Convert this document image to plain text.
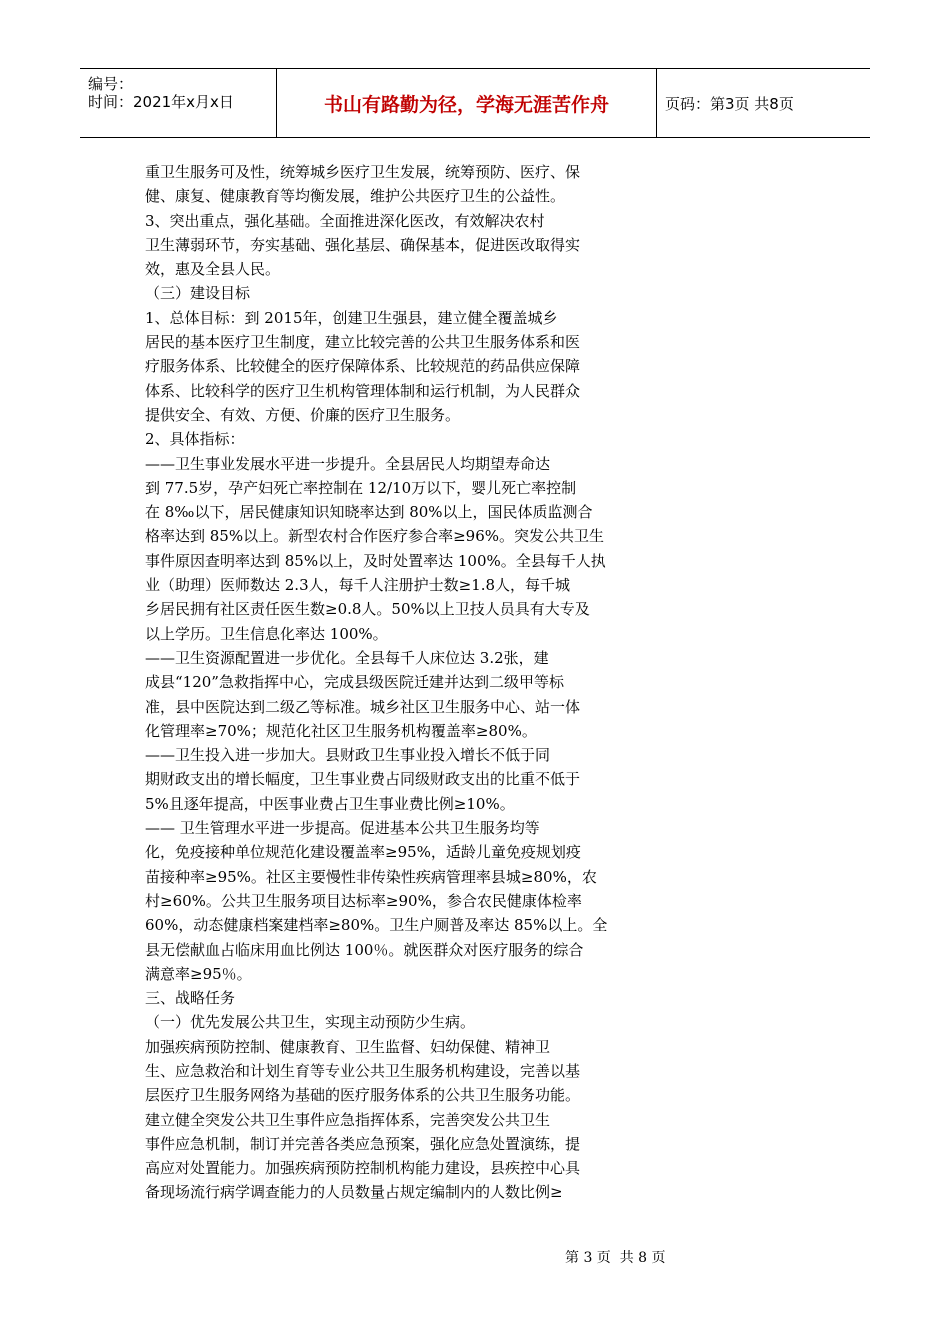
编号：
时间：2021年x月x日	书山有路勤为径，学海无涯苦作舟	页码：第3页 共8页
重卫生服务可及性，统筹城乡医疗卫生发展，统筹预防、医疗、保
健、康复、健康教育等均衡发展，维护公共医疗卫生的公益性。
3、突出重点，强化基础。全面推进深化医改，有效解决农村
卫生薄弱环节，夯实基础、强化基层、确保基本，促进医改取得实
效，惠及全县人民。
（三）建设目标
1、总体目标：到 2015年，创建卫生强县，建立健全覆盖城乡
居民的基本医疗卫生制度，建立比较完善的公共卫生服务体系和医
疗服务体系、比较健全的医疗保障体系、比较规范的药品供应保障
体系、比较科学的医疗卫生机构管理体制和运行机制，为人民群众
提供安全、有效、方便、价廉的医疗卫生服务。
2、具体指标：
——卫生事业发展水平进一步提升。全县居民人均期望寿命达
到 77.5岁，孕产妇死亡率控制在 12/10万以下，婴儿死亡率控制
在 8‰以下，居民健康知识知晓率达到 80%以上，国民体质监测合
格率达到 85%以上。新型农村合作医疗参合率≥96%。突发公共卫生
事件原因查明率达到 85%以上，及时处置率达 100%。全县每千人执
业（助理）医师数达 2.3人，每千人注册护士数≥1.8人，每千城
乡居民拥有社区责任医生数≥0.8人。50%以上卫技人员具有大专及
以上学历。卫生信息化率达 100%。
——卫生资源配置进一步优化。全县每千人床位达 3.2张，建
成县“120”急救指挥中心，完成县级医院迁建并达到二级甲等标
准，县中医院达到二级乙等标准。城乡社区卫生服务中心、站一体
化管理率≥70%；规范化社区卫生服务机构覆盖率≥80%。
——卫生投入进一步加大。县财政卫生事业投入增长不低于同
期财政支出的增长幅度，卫生事业费占同级财政支出的比重不低于
5%且逐年提高，中医事业费占卫生事业费比例≥10%。
—— 卫生管理水平进一步提高。促进基本公共卫生服务均等
化，免疫接种单位规范化建设覆盖率≥95%，适龄儿童免疫规划疫
苗接种率≥95%。社区主要慢性非传染性疾病管理率县城≥80%，农
村≥60%。公共卫生服务项目达标率≥90%，参合农民健康体检率
60%，动态健康档案建档率≥80%。卫生户厕普及率达 85%以上。全
县无偿献血占临床用血比例达 100％。就医群众对医疗服务的综合
满意率≥95％。
三、战略任务
（一）优先发展公共卫生，实现主动预防少生病。
加强疾病预防控制、健康教育、卫生监督、妇幼保健、精神卫
生、应急救治和计划生育等专业公共卫生服务机构建设，完善以基
层医疗卫生服务网络为基础的医疗服务体系的公共卫生服务功能。
建立健全突发公共卫生事件应急指挥体系，完善突发公共卫生
事件应急机制，制订并完善各类应急预案，强化应急处置演练，提
高应对处置能力。加强疾病预防控制机构能力建设，县疾控中心具
备现场流行病学调查能力的人员数量占规定编制内的人数比例≥
第 3 页  共 8 页
